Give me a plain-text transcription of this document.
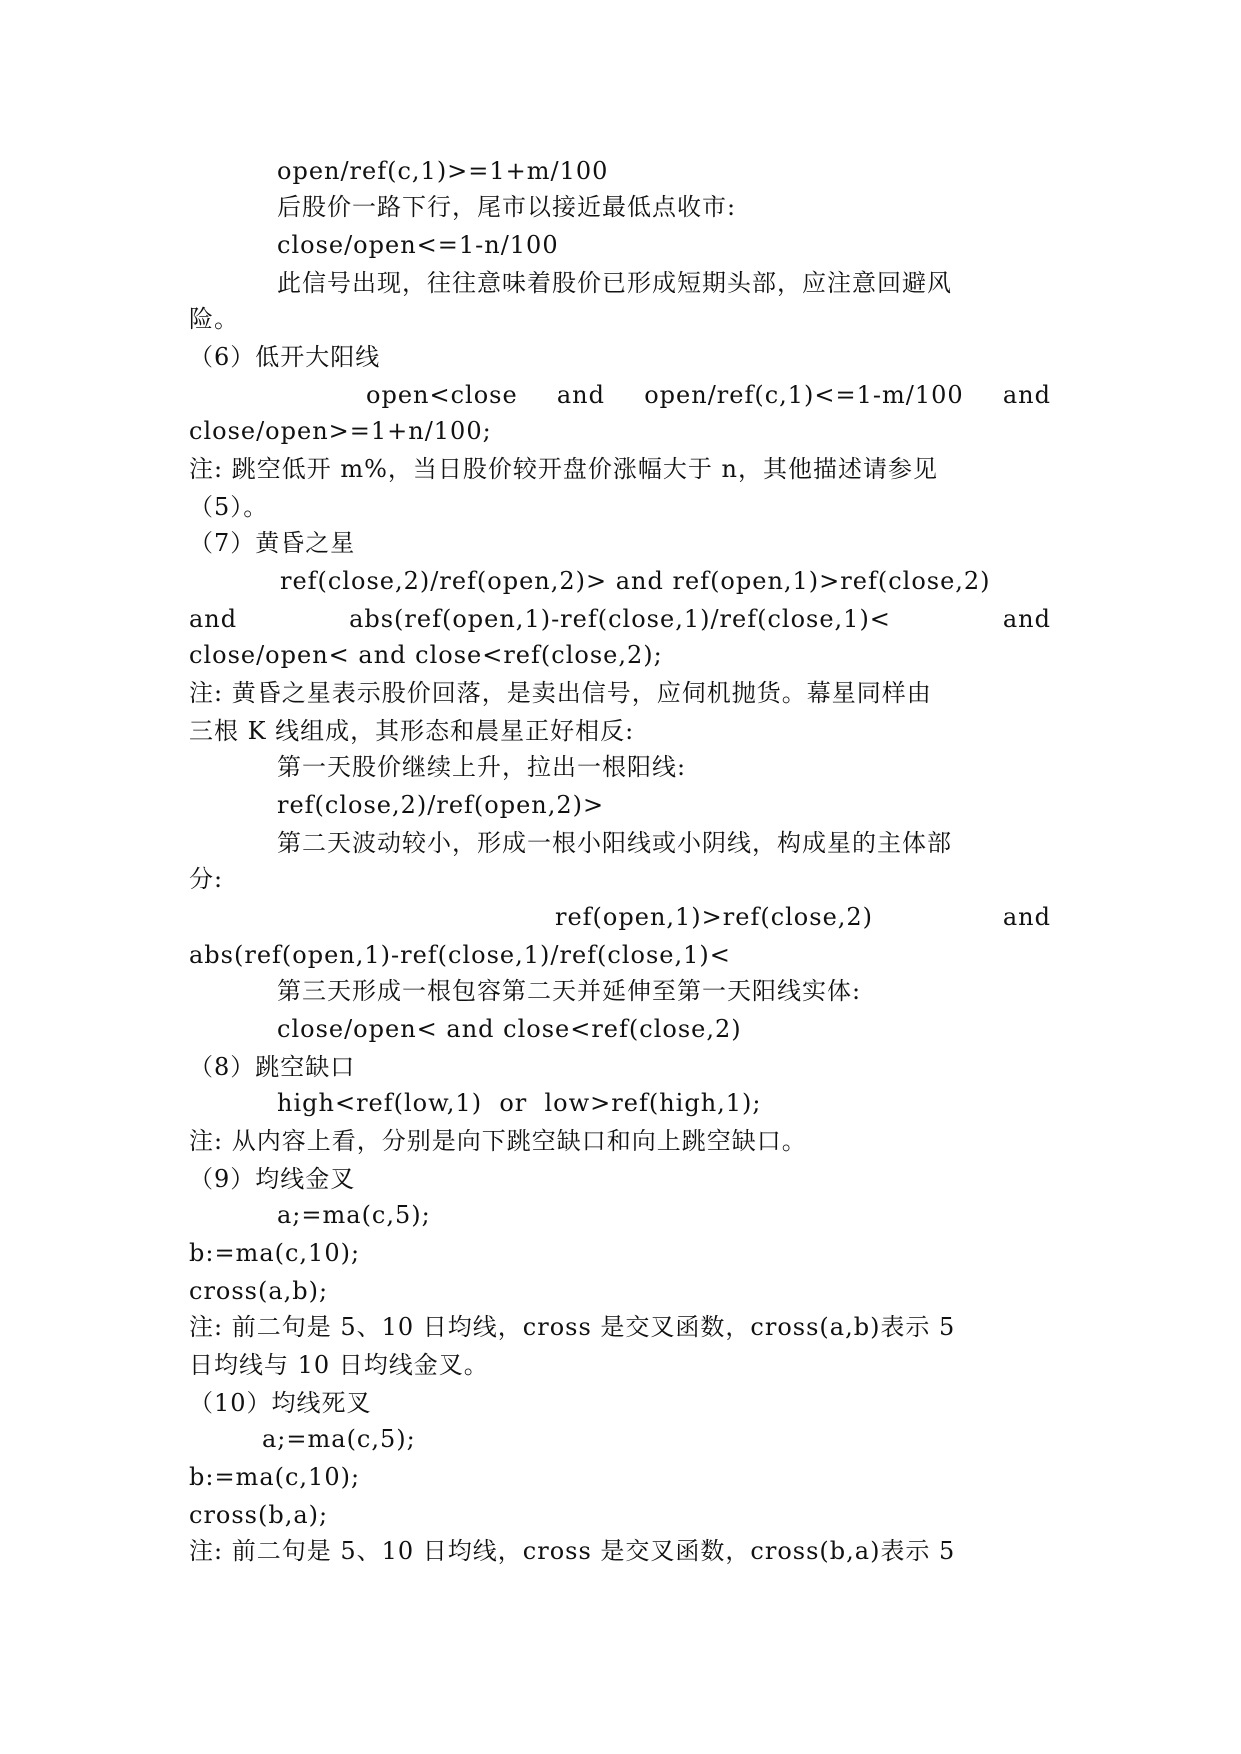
open/ref(c,1)>=1+m/100
后股价一路下行，尾市以接近最低点收市:
close/open<=1-n/100
此信号出现，往往意味着股价已形成短期头部，应注意回避风
险。
（6）低开大阳线
open<close and open/ref(c,1)<=1-m/100 and
close/open>=1+n/100;
注: 跳空低开 m%，当日股价较开盘价涨幅大于 n，其他描述请参见
（5）。
（7）黄昏之星
ref(close,2)/ref(open,2)> and ref(open,1)>ref(close,2)
and	abs(ref(open,1)-ref(close,1)/ref(close,1)<	and
close/open< and close<ref(close,2);
注: 黄昏之星表示股价回落，是卖出信号，应伺机抛货。幕星同样由
三根 K 线组成，其形态和晨星正好相反:
第一天股价继续上升，拉出一根阳线:
ref(close,2)/ref(open,2)>
第二天波动较小，形成一根小阳线或小阴线，构成星的主体部
分:
ref(open,1)>ref(close,2)	and
abs(ref(open,1)-ref(close,1)/ref(close,1)<
第三天形成一根包容第二天并延伸至第一天阳线实体:
close/open< and close<ref(close,2)
（8）跳空缺口
high<ref(low,1)  or  low>ref(high,1);
注: 从内容上看，分别是向下跳空缺口和向上跳空缺口。
（9）均线金叉
a;=ma(c,5);
b:=ma(c,10);
cross(a,b);
注: 前二句是 5、10 日均线，cross 是交叉函数，cross(a,b)表示 5
日均线与 10 日均线金叉。
（10）均线死叉
a;=ma(c,5);
b:=ma(c,10);
cross(b,a);
注: 前二句是 5、10 日均线，cross 是交叉函数，cross(b,a)表示 5
